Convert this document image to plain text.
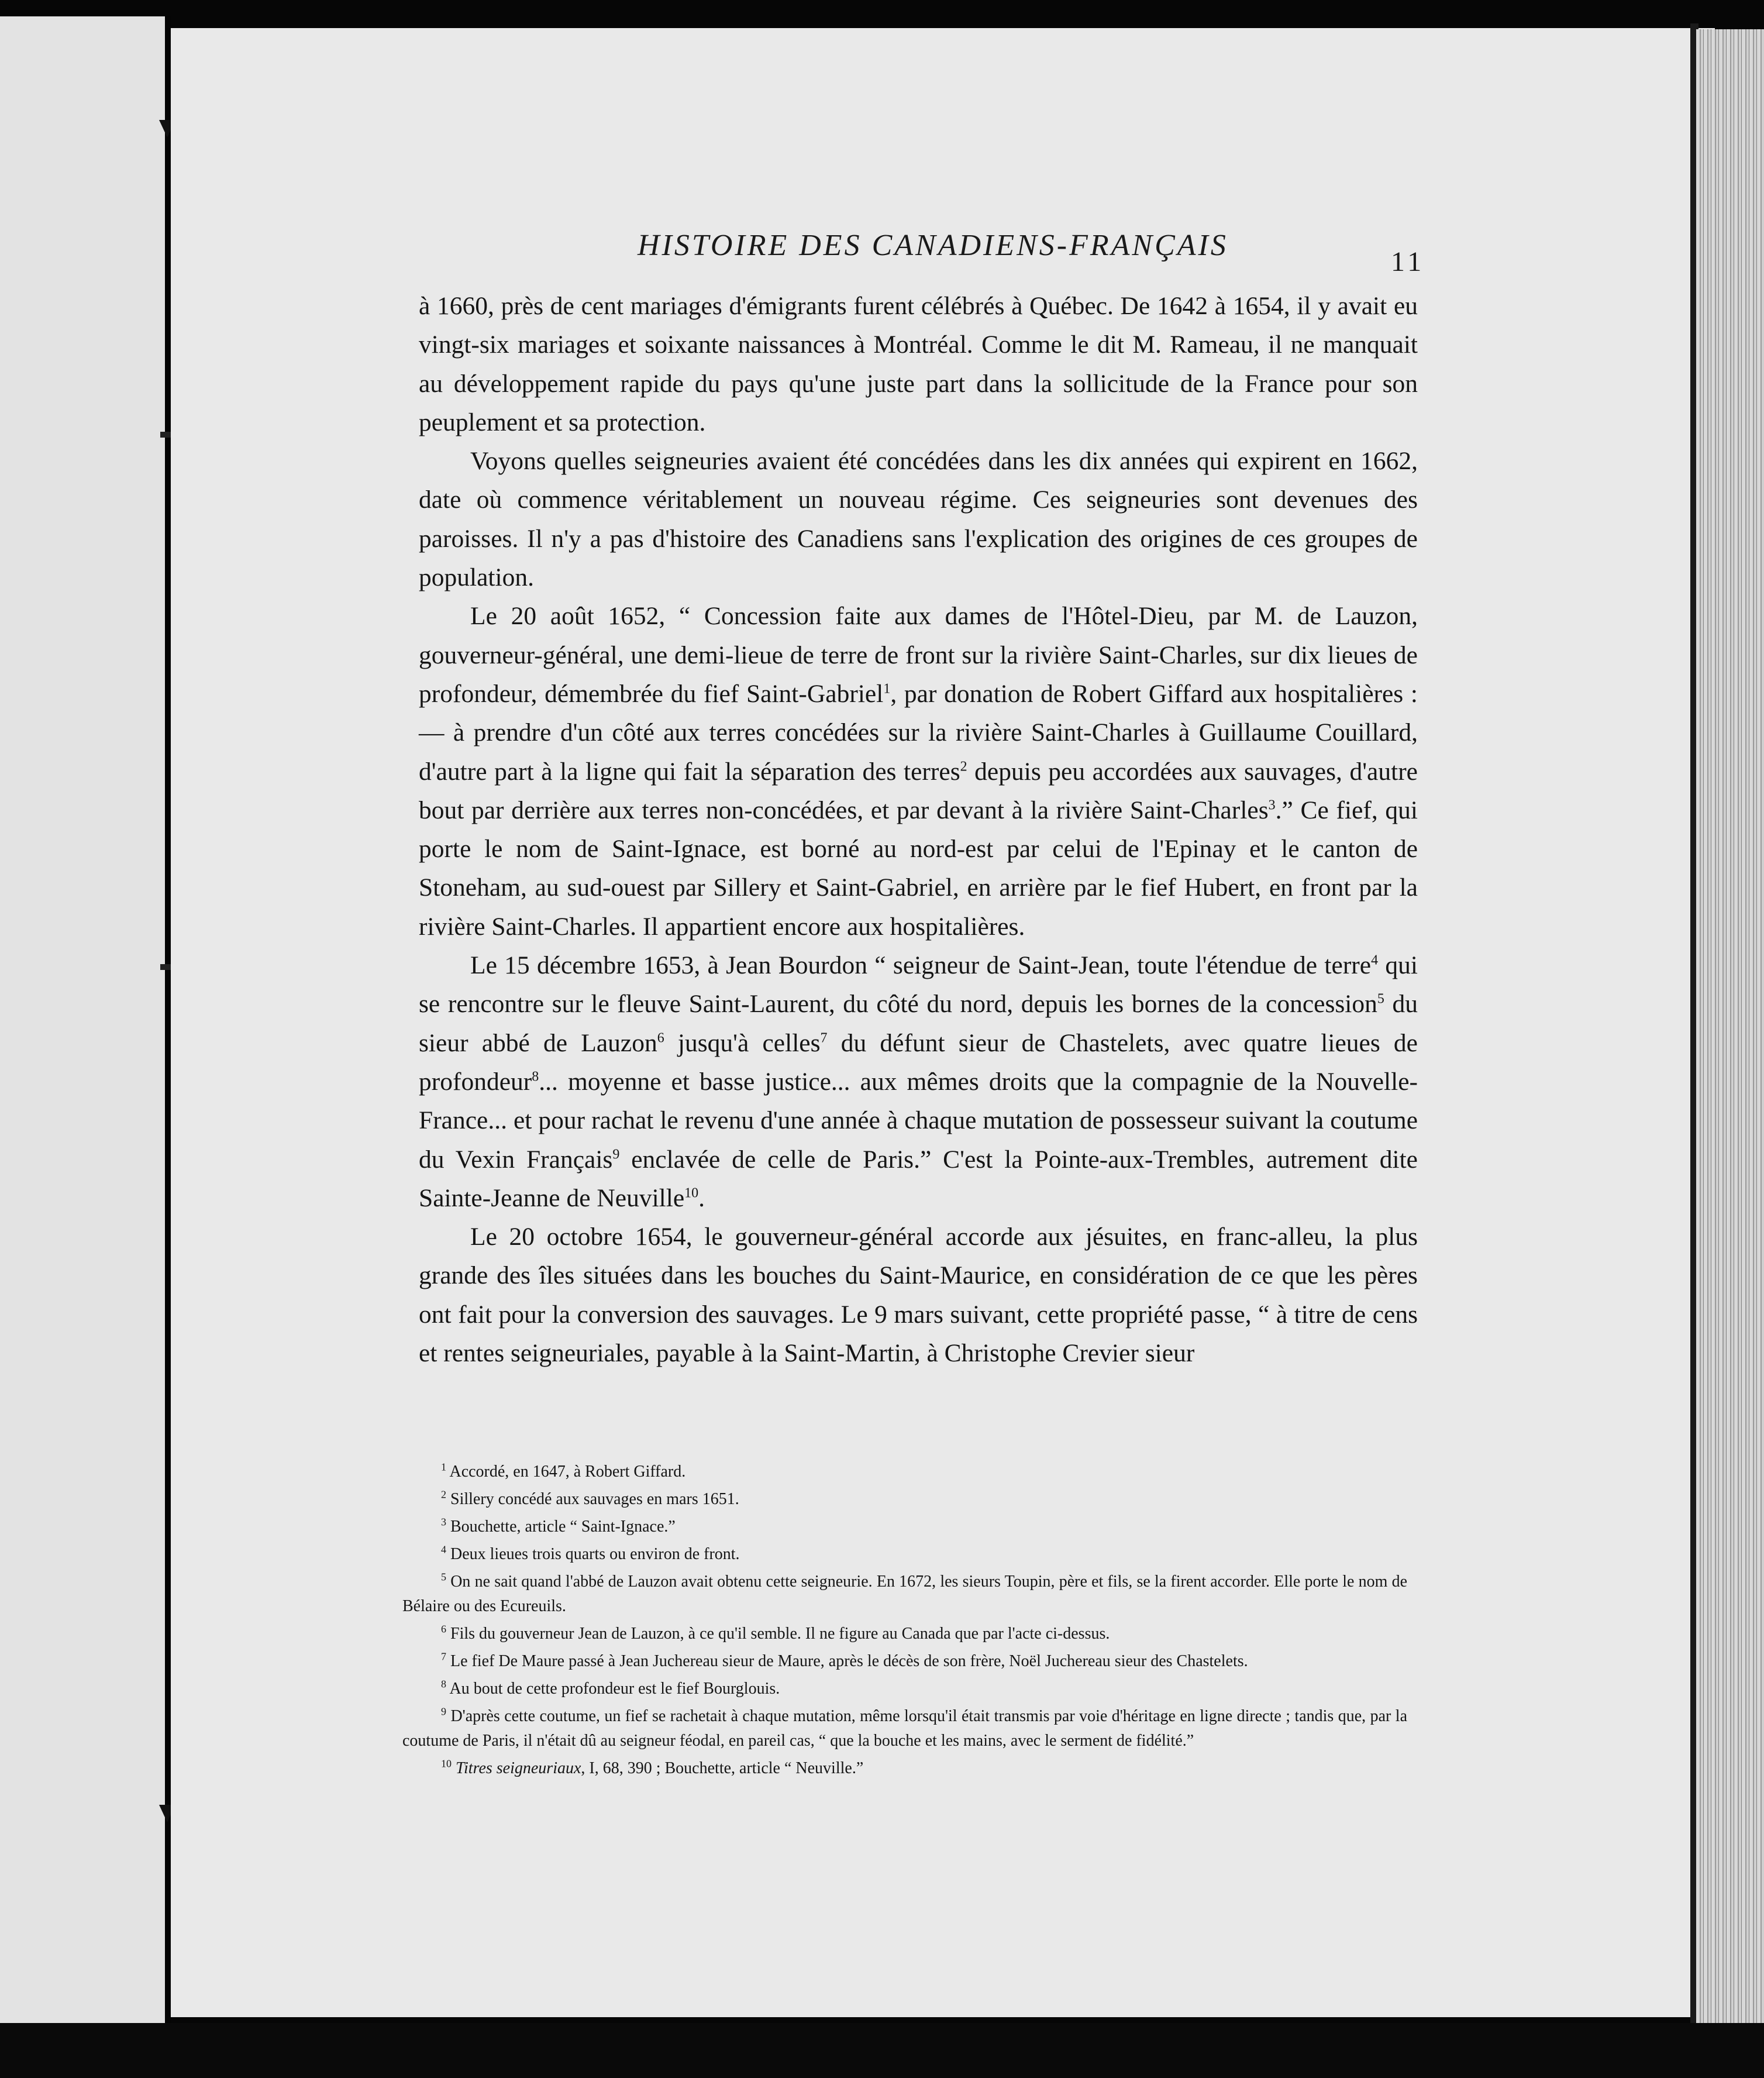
HISTOIRE DES CANADIENS-FRANÇAIS	11

à 1660, près de cent mariages d'émigrants furent célébrés à Québec. De 1642 à 1654, il y avait eu vingt-six mariages et soixante naissances à Montréal. Comme le dit M. Rameau, il ne manquait au développement rapide du pays qu'une juste part dans la sollicitude de la France pour son peuplement et sa protection.

Voyons quelles seigneuries avaient été concédées dans les dix années qui expirent en 1662, date où commence véritablement un nouveau régime. Ces seigneuries sont devenues des paroisses. Il n'y a pas d'histoire des Canadiens sans l'explication des origines de ces groupes de population.

Le 20 août 1652, “ Concession faite aux dames de l'Hôtel-Dieu, par M. de Lauzon, gouverneur-général, une demi-lieue de terre de front sur la rivière Saint-Charles, sur dix lieues de profondeur, démembrée du fief Saint-Gabriel$^1$, par donation de Robert Giffard aux hospitalières : — à prendre d'un côté aux terres concédées sur la rivière Saint-Charles à Guillaume Couillard, d'autre part à la ligne qui fait la séparation des terres$^2$ depuis peu accordées aux sauvages, d'autre bout par derrière aux terres non-concédées, et par devant à la rivière Saint-Charles$^3$.” Ce fief, qui porte le nom de Saint-Ignace, est borné au nord-est par celui de l'Epinay et le canton de Stoneham, au sud-ouest par Sillery et Saint-Gabriel, en arrière par le fief Hubert, en front par la rivière Saint-Charles. Il appartient encore aux hospitalières.

Le 15 décembre 1653, à Jean Bourdon “ seigneur de Saint-Jean, toute l'étendue de terre$^4$ qui se rencontre sur le fleuve Saint-Laurent, du côté du nord, depuis les bornes de la concession$^5$ du sieur abbé de Lauzon$^6$ jusqu'à celles$^7$ du défunt sieur de Chastelets, avec quatre lieues de profondeur$^8$... moyenne et basse justice... aux mêmes droits que la compagnie de la Nouvelle-France... et pour rachat le revenu d'une année à chaque mutation de possesseur suivant la coutume du Vexin Français$^9$ enclavée de celle de Paris.” C'est la Pointe-aux-Trembles, autrement dite Sainte-Jeanne de Neuville$^{10}$.

Le 20 octobre 1654, le gouverneur-général accorde aux jésuites, en franc-alleu, la plus grande des îles situées dans les bouches du Saint-Maurice, en considération de ce que les pères ont fait pour la conversion des sauvages. Le 9 mars suivant, cette propriété passe, “ à titre de cens et rentes seigneuriales, payable à la Saint-Martin, à Christophe Crevier sieur

$^1$ Accordé, en 1647, à Robert Giffard.

$^2$ Sillery concédé aux sauvages en mars 1651.

$^3$ Bouchette, article “ Saint-Ignace.”

$^4$ Deux lieues trois quarts ou environ de front.

$^5$ On ne sait quand l'abbé de Lauzon avait obtenu cette seigneurie. En 1672, les sieurs Toupin, père et fils, se la firent accorder. Elle porte le nom de Bélaire ou des Ecureuils.

$^6$ Fils du gouverneur Jean de Lauzon, à ce qu'il semble. Il ne figure au Canada que par l'acte ci-dessus.

$^7$ Le fief De Maure passé à Jean Juchereau sieur de Maure, après le décès de son frère, Noël Juchereau sieur des Chastelets.

$^8$ Au bout de cette profondeur est le fief Bourglouis.

$^9$ D'après cette coutume, un fief se rachetait à chaque mutation, même lorsqu'il était transmis par voie d'héritage en ligne directe ; tandis que, par la coutume de Paris, il n'était dû au seigneur féodal, en pareil cas, “ que la bouche et les mains, avec le serment de fidélité.”

$^{10}$ Titres seigneuriaux, I, 68, 390 ; Bouchette, article “ Neuville.”
